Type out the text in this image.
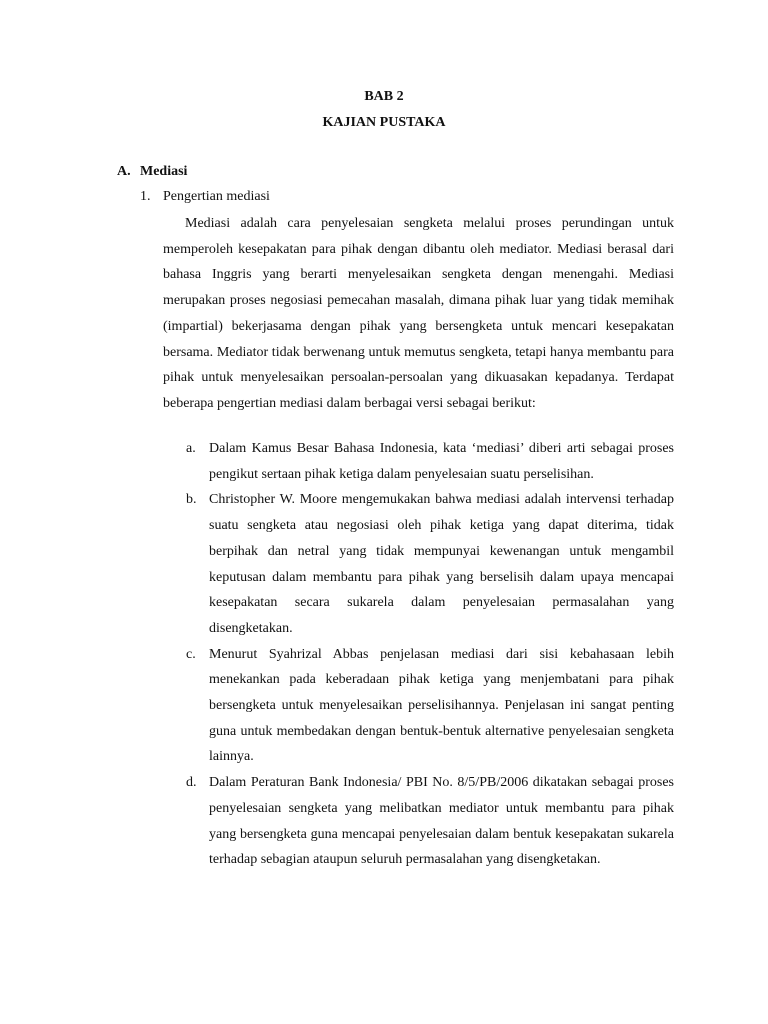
BAB 2
KAJIAN PUSTAKA
A. Mediasi
1. Pengertian mediasi

Mediasi adalah cara penyelesaian sengketa melalui proses perundingan untuk memperoleh kesepakatan para pihak dengan dibantu oleh mediator. Mediasi berasal dari bahasa Inggris yang berarti menyelesaikan sengketa dengan menengahi. Mediasi merupakan proses negosiasi pemecahan masalah, dimana pihak luar yang tidak memihak (impartial) bekerjasama dengan pihak yang bersengketa untuk mencari kesepakatan bersama. Mediator tidak berwenang untuk memutus sengketa, tetapi hanya membantu para pihak untuk menyelesaikan persoalan-persoalan yang dikuasakan kepadanya. Terdapat beberapa pengertian mediasi dalam berbagai versi sebagai berikut:

a. Dalam Kamus Besar Bahasa Indonesia, kata ‘mediasi’ diberi arti sebagai proses pengikut sertaan pihak ketiga dalam penyelesaian suatu perselisihan.
b. Christopher W. Moore mengemukakan bahwa mediasi adalah intervensi terhadap suatu sengketa atau negosiasi oleh pihak ketiga yang dapat diterima, tidak berpihak dan netral yang tidak mempunyai kewenangan untuk mengambil keputusan dalam membantu para pihak yang berselisih dalam upaya mencapai kesepakatan secara sukarela dalam penyelesaian permasalahan yang disengketakan.
c. Menurut Syahrizal Abbas penjelasan mediasi dari sisi kebahasaan lebih menekankan pada keberadaan pihak ketiga yang menjembatani para pihak bersengketa untuk menyelesaikan perselisihannya. Penjelasan ini sangat penting guna untuk membedakan dengan bentuk-bentuk alternative penyelesaian sengketa lainnya.
d. Dalam Peraturan Bank Indonesia/ PBI No. 8/5/PB/2006 dikatakan sebagai proses penyelesaian sengketa yang melibatkan mediator untuk membantu para pihak yang bersengketa guna mencapai penyelesaian dalam bentuk kesepakatan sukarela terhadap sebagian ataupun seluruh permasalahan yang disengketakan.
